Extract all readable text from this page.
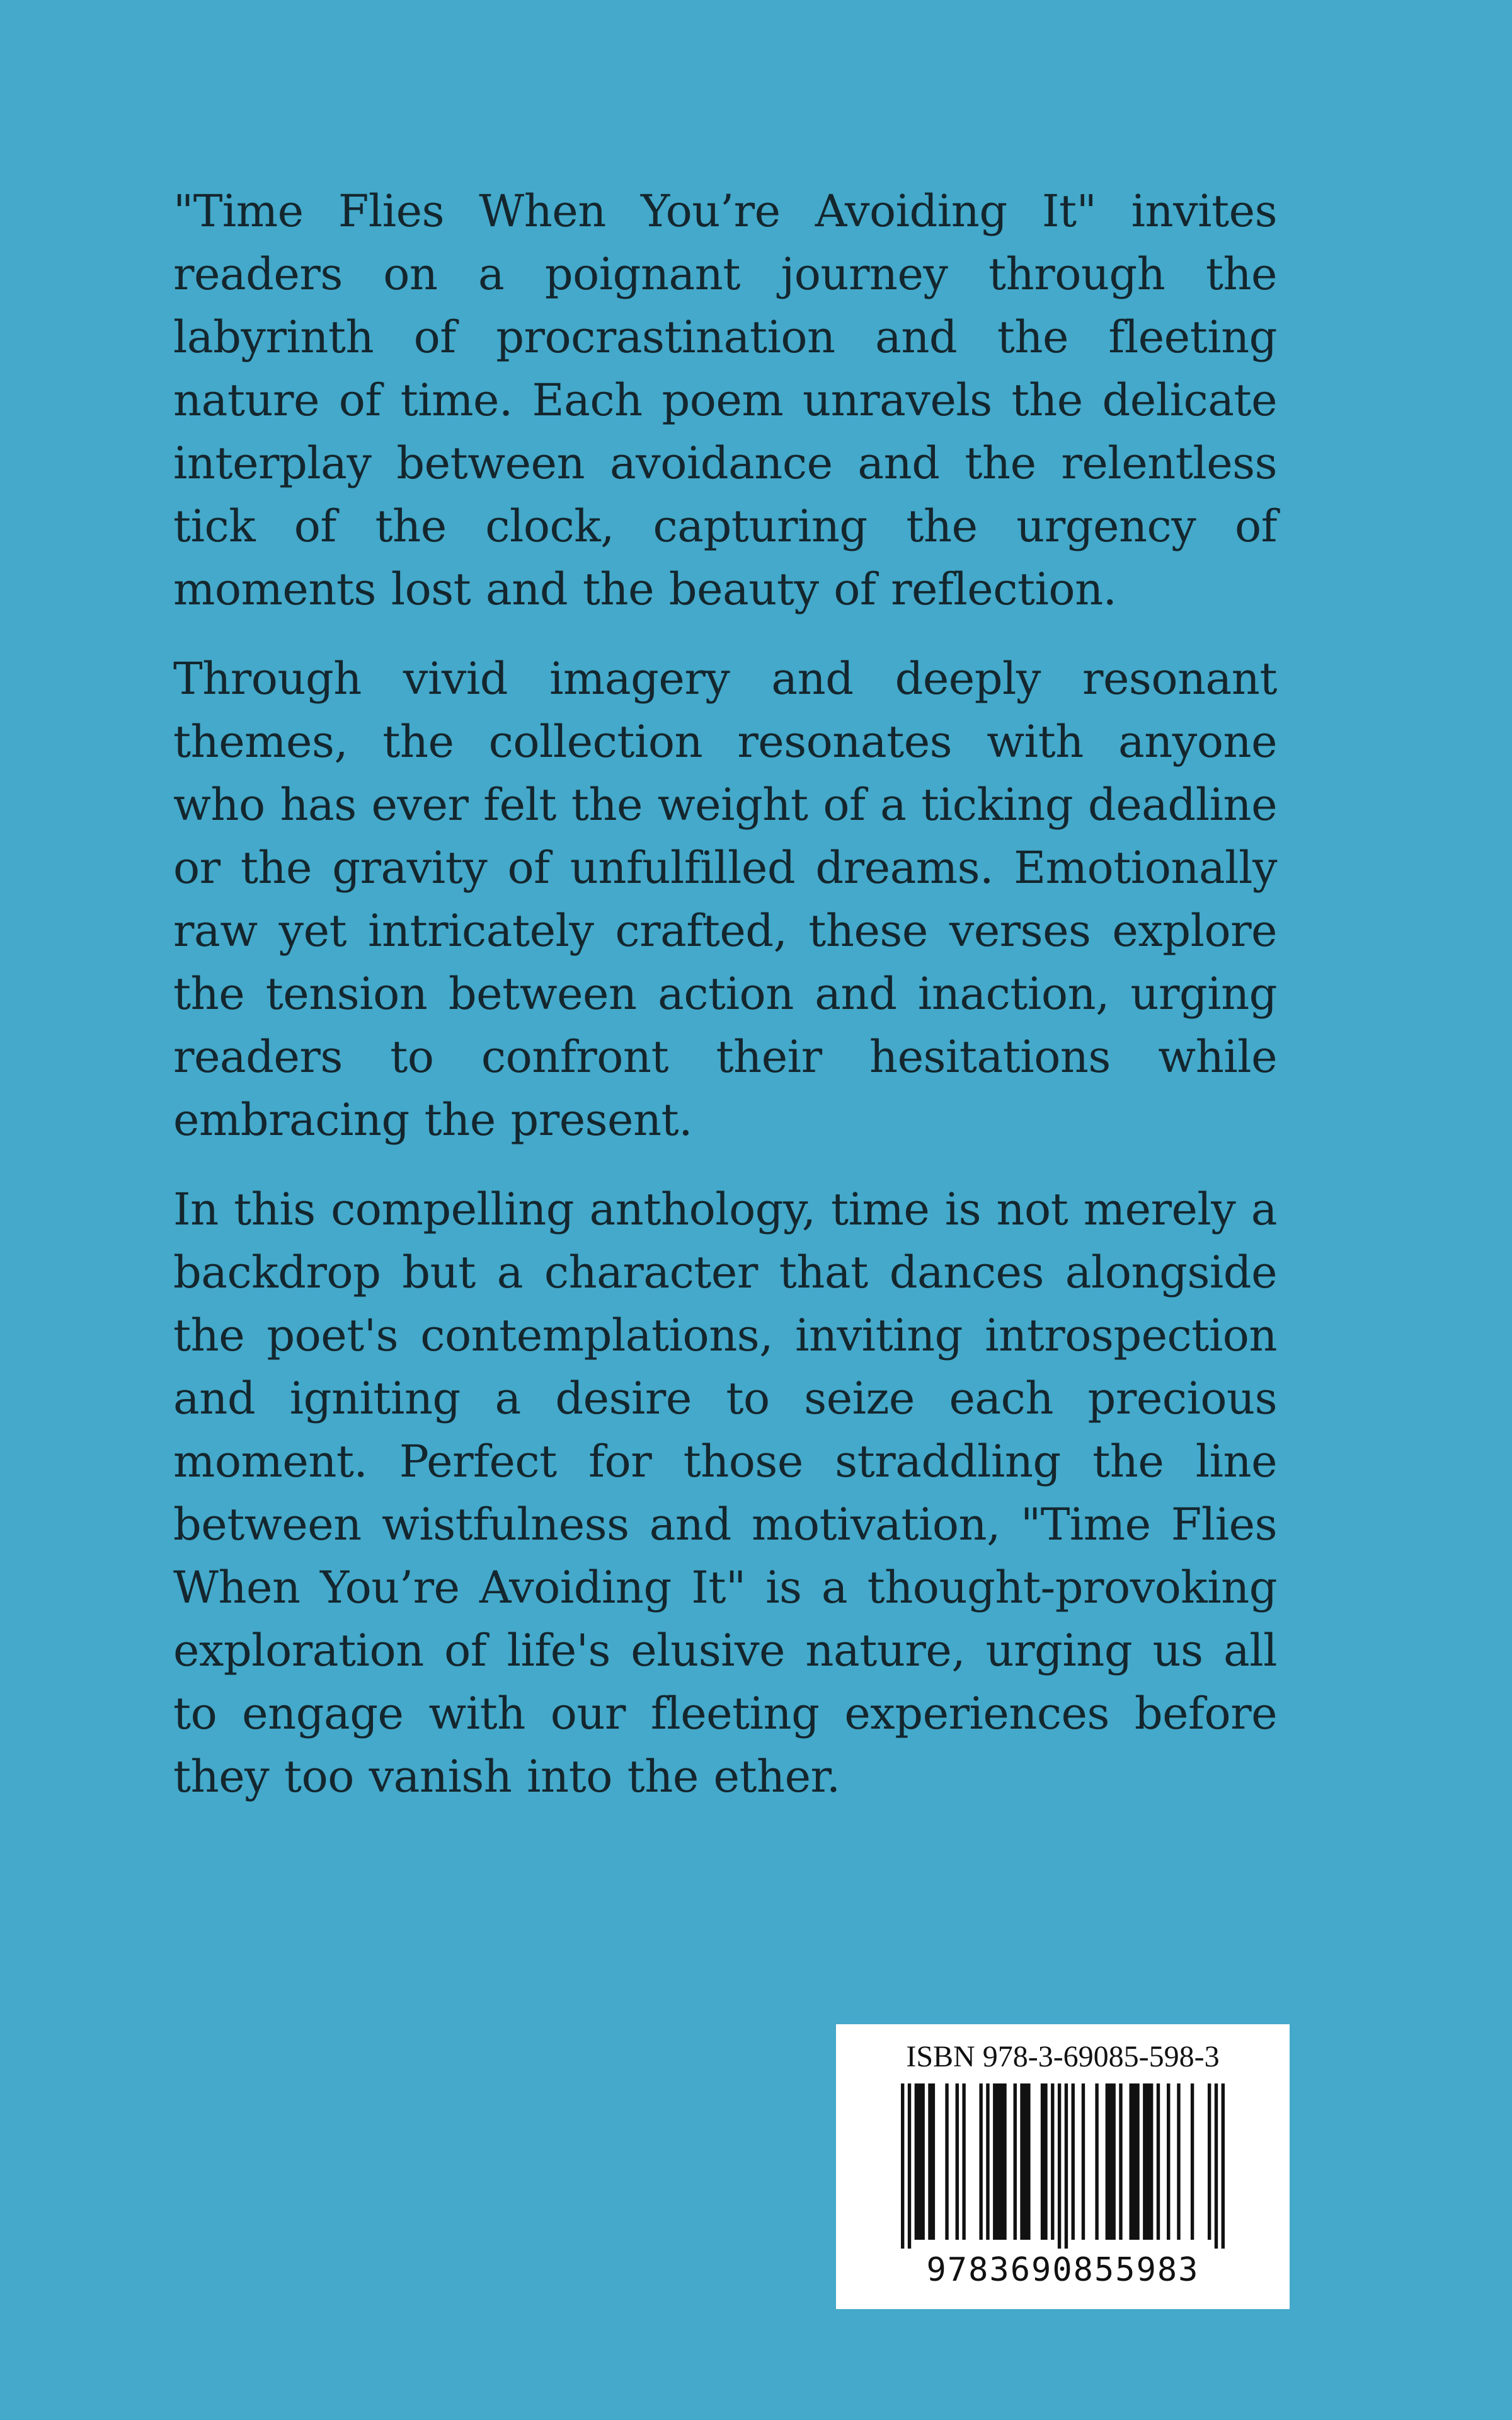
"Time Flies When You’re Avoiding It" invites readers on a poignant journey through the labyrinth of procrastination and the fleeting nature of time. Each poem unravels the delicate interplay between avoidance and the relentless tick of the clock, capturing the urgency of moments lost and the beauty of reflection.

Through vivid imagery and deeply resonant themes, the collection resonates with anyone who has ever felt the weight of a ticking deadline or the gravity of unfulfilled dreams. Emotionally raw yet intricately crafted, these verses explore the tension between action and inaction, urging readers to confront their hesitations while embracing the present.

In this compelling anthology, time is not merely a backdrop but a character that dances alongside the poet's contemplations, inviting introspection and igniting a desire to seize each precious moment. Perfect for those straddling the line between wistfulness and motivation, "Time Flies When You’re Avoiding It" is a thought-provoking exploration of life's elusive nature, urging us all to engage with our fleeting experiences before they too vanish into the ether.

ISBN 978-3-69085-598-3
9783690855983
